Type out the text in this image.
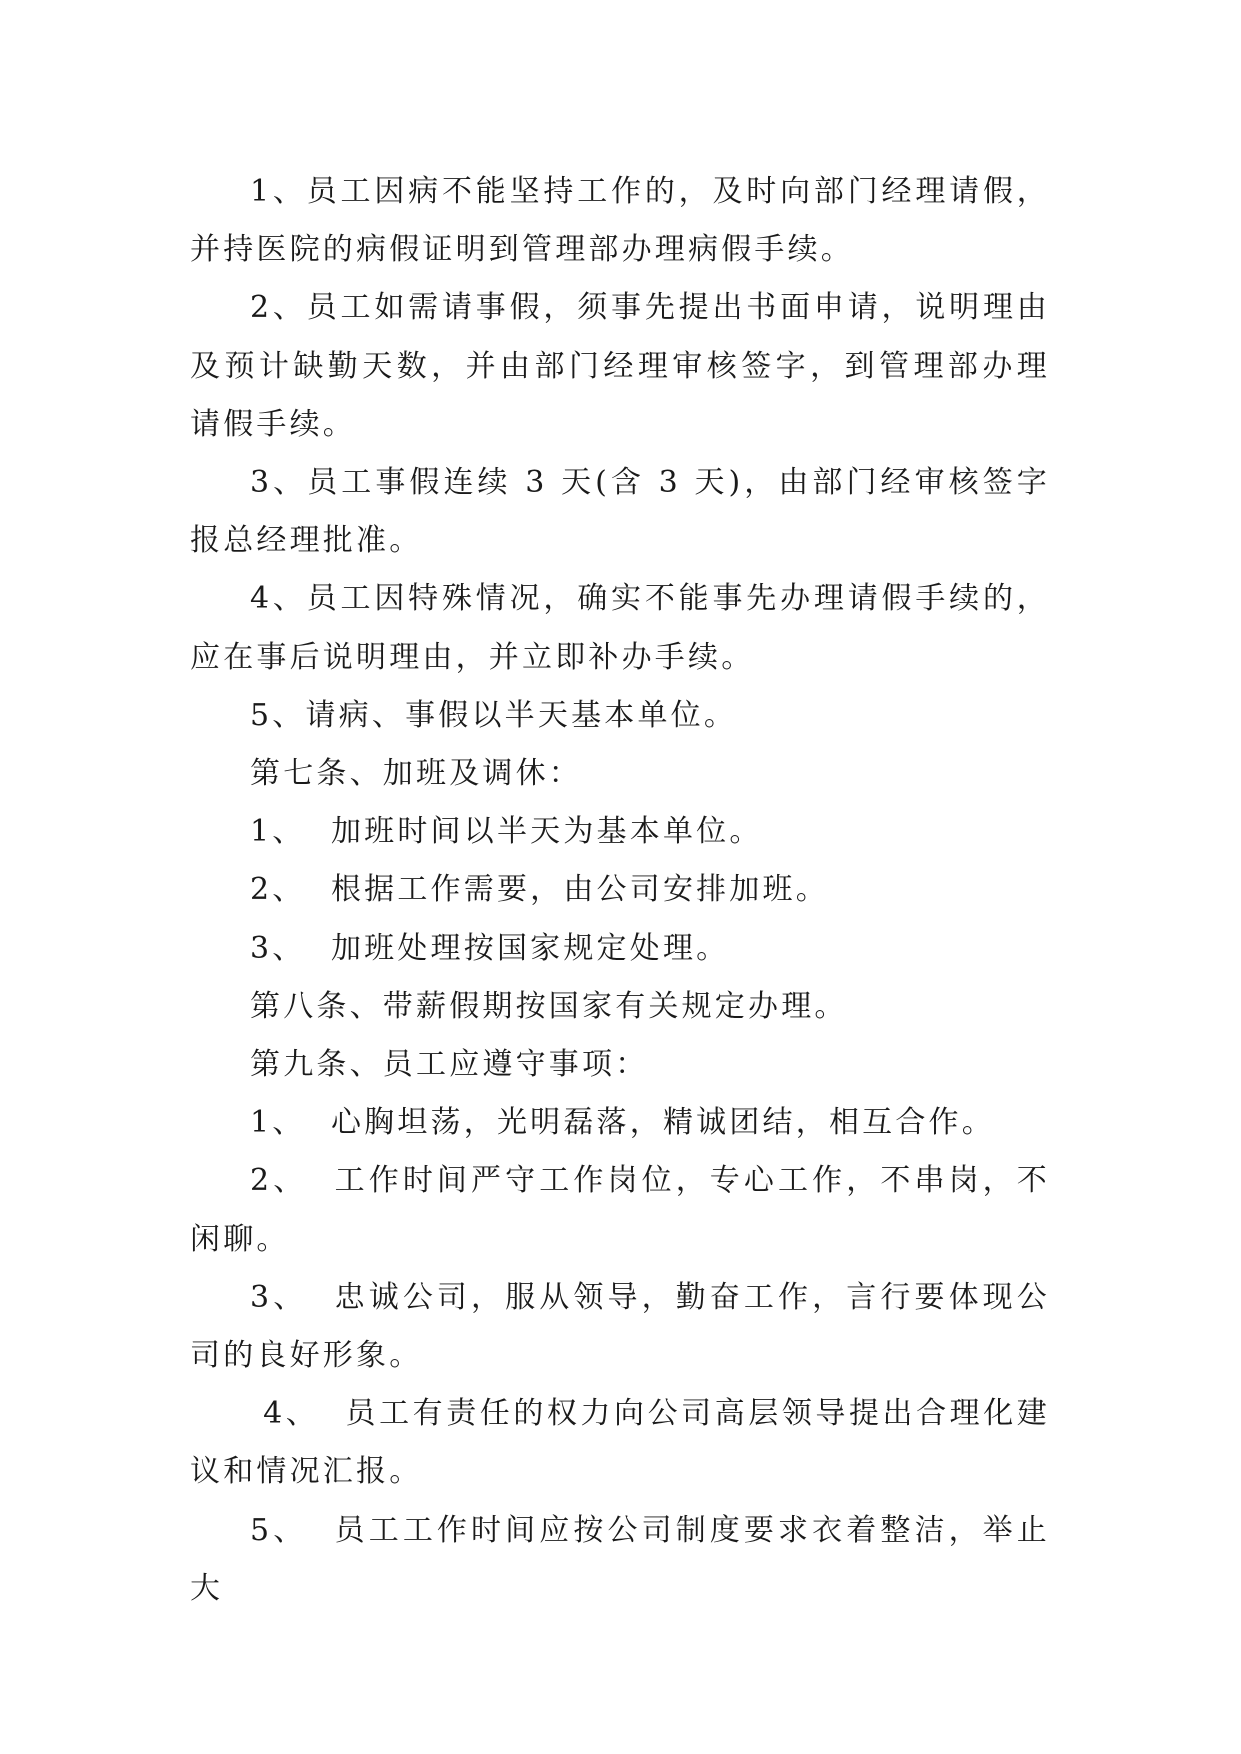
1、员工因病不能坚持工作的，及时向部门经理请假，并持医院的病假证明到管理部办理病假手续。

2、员工如需请事假，须事先提出书面申请，说明理由及预计缺勤天数，并由部门经理审核签字，到管理部办理请假手续。

3、员工事假连续 3 天(含 3 天)，由部门经审核签字报总经理批准。

4、员工因特殊情况，确实不能事先办理请假手续的，应在事后说明理由，并立即补办手续。

5、请病、事假以半天基本单位。

第七条、加班及调休：

1、  加班时间以半天为基本单位。

2、  根据工作需要，由公司安排加班。

3、  加班处理按国家规定处理。

第八条、带薪假期按国家有关规定办理。

第九条、员工应遵守事项：

1、  心胸坦荡，光明磊落，精诚团结，相互合作。

2、  工作时间严守工作岗位，专心工作，不串岗，不闲聊。

3、  忠诚公司，服从领导，勤奋工作，言行要体现公司的良好形象。

4、  员工有责任的权力向公司高层领导提出合理化建议和情况汇报。

5、  员工工作时间应按公司制度要求衣着整洁，举止大
